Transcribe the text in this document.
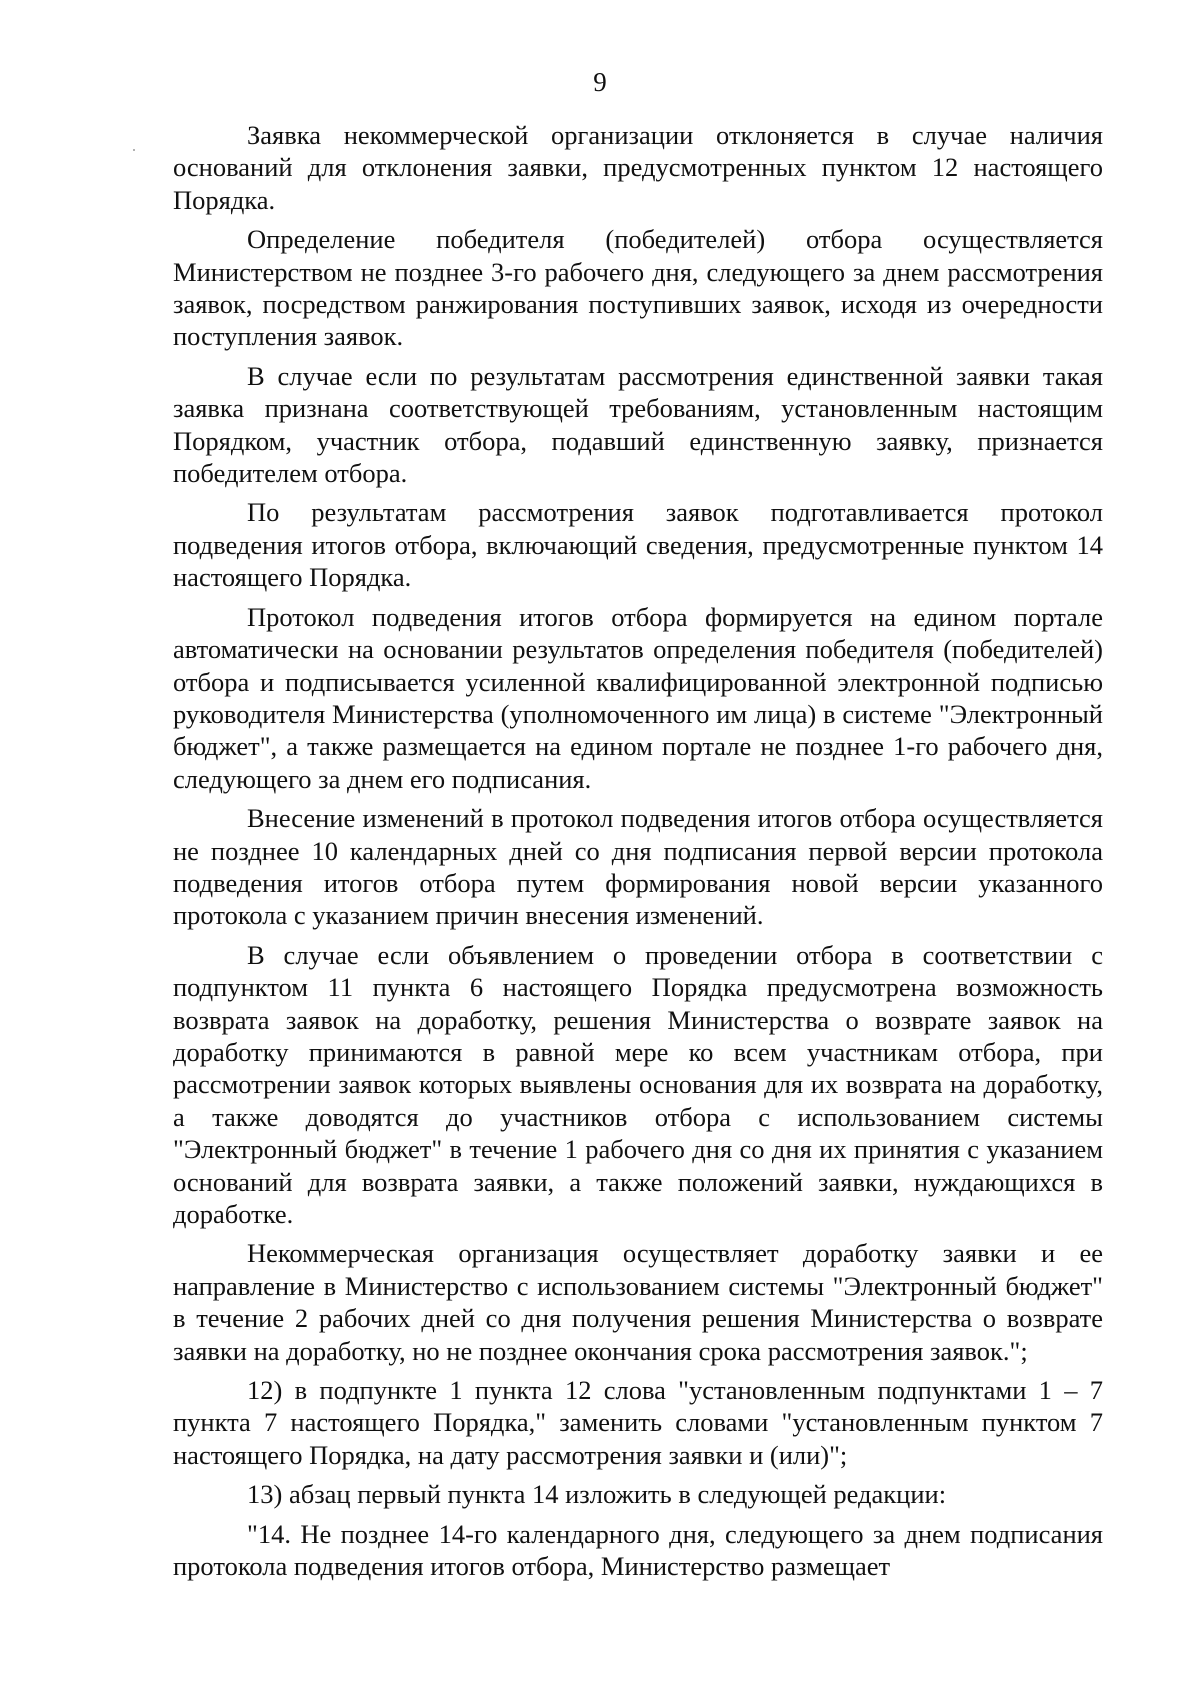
9

Заявка некоммерческой организации отклоняется в случае наличия оснований для отклонения заявки, предусмотренных пунктом 12 настоящего Порядка.

Определение победителя (победителей) отбора осуществляется Министерством не позднее 3-го рабочего дня, следующего за днем рассмотрения заявок, посредством ранжирования поступивших заявок, исходя из очередности поступления заявок.

В случае если по результатам рассмотрения единственной заявки такая заявка признана соответствующей требованиям, установленным настоящим Порядком, участник отбора, подавший единственную заявку, признается победителем отбора.

По результатам рассмотрения заявок подготавливается протокол подведения итогов отбора, включающий сведения, предусмотренные пунктом 14 настоящего Порядка.

Протокол подведения итогов отбора формируется на едином портале автоматически на основании результатов определения победителя (победителей) отбора и подписывается усиленной квалифицированной электронной подписью руководителя Министерства (уполномоченного им лица) в системе "Электронный бюджет", а также размещается на едином портале не позднее 1-го рабочего дня, следующего за днем его подписания.

Внесение изменений в протокол подведения итогов отбора осуществляется не позднее 10 календарных дней со дня подписания первой версии протокола подведения итогов отбора путем формирования новой версии указанного протокола с указанием причин внесения изменений.

В случае если объявлением о проведении отбора в соответствии с подпунктом 11 пункта 6 настоящего Порядка предусмотрена возможность возврата заявок на доработку, решения Министерства о возврате заявок на доработку принимаются в равной мере ко всем участникам отбора, при рассмотрении заявок которых выявлены основания для их возврата на доработку, а также доводятся до участников отбора с использованием системы "Электронный бюджет" в течение 1 рабочего дня со дня их принятия с указанием оснований для возврата заявки, а также положений заявки, нуждающихся в доработке.

Некоммерческая организация осуществляет доработку заявки и ее направление в Министерство с использованием системы "Электронный бюджет" в течение 2 рабочих дней со дня получения решения Министерства о возврате заявки на доработку, но не позднее окончания срока рассмотрения заявок.";

12) в подпункте 1 пункта 12 слова "установленным подпунктами 1 – 7 пункта 7 настоящего Порядка," заменить словами "установленным пунктом 7 настоящего Порядка, на дату рассмотрения заявки и (или)";

13) абзац первый пункта 14 изложить в следующей редакции:

"14. Не позднее 14-го календарного дня, следующего за днем подписания протокола подведения итогов отбора, Министерство размещает
